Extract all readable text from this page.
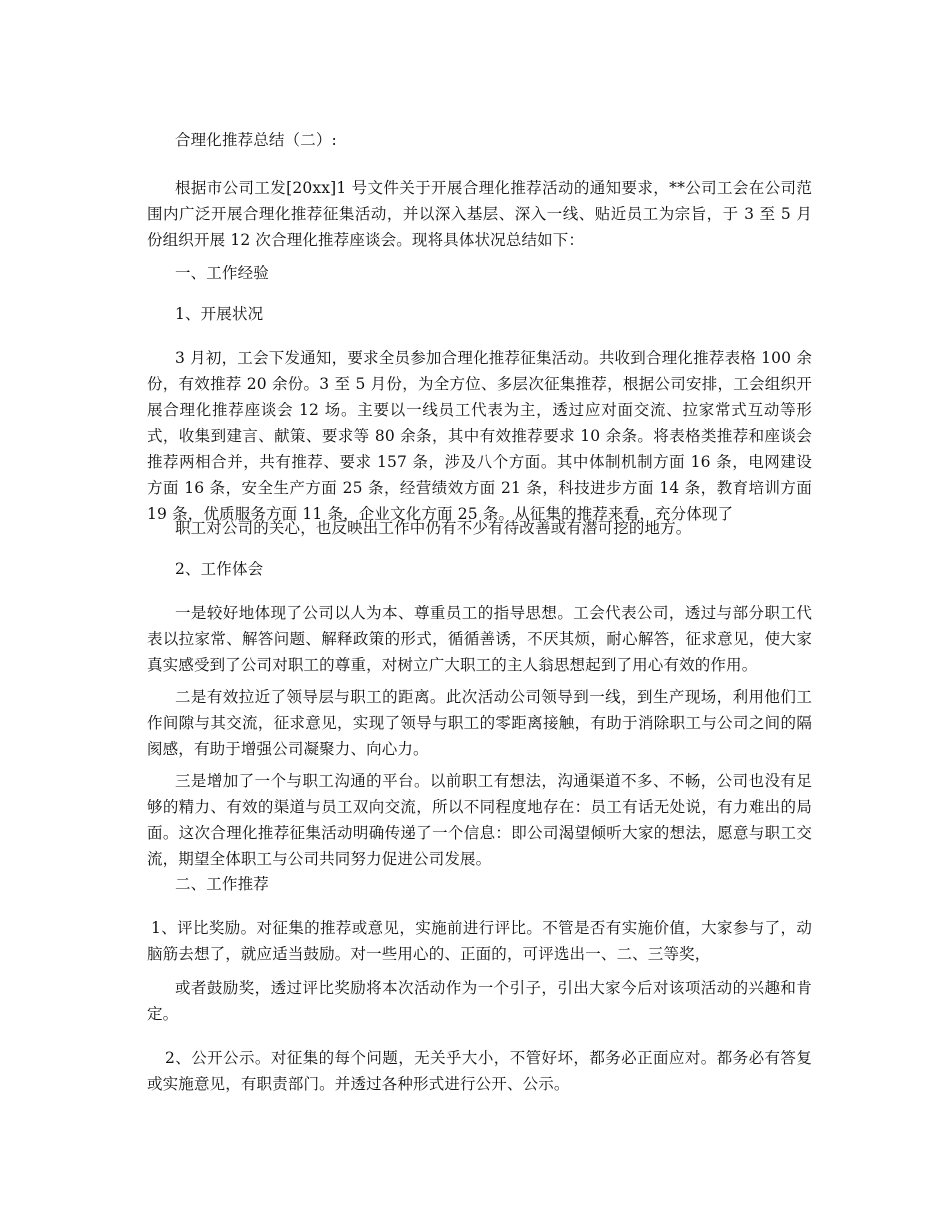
合理化推荐总结（二）:

根据市公司工发[20xx]1 号文件关于开展合理化推荐活动的通知要求，**公司工会在公司范围内广泛开展合理化推荐征集活动，并以深入基层、深入一线、贴近员工为宗旨，于 3 至 5 月份组织开展 12 次合理化推荐座谈会。现将具体状况总结如下：

一、工作经验

1、开展状况

3 月初，工会下发通知，要求全员参加合理化推荐征集活动。共收到合理化推荐表格 100 余份，有效推荐 20 余份。3 至 5 月份，为全方位、多层次征集推荐，根据公司安排，工会组织开展合理化推荐座谈会 12 场。主要以一线员工代表为主，透过应对面交流、拉家常式互动等形式，收集到建言、献策、要求等 80 余条，其中有效推荐要求 10 余条。将表格类推荐和座谈会推荐两相合并，共有推荐、要求 157 条，涉及八个方面。其中体制机制方面 16 条，电网建设方面 16 条，安全生产方面 25 条，经营绩效方面 21 条，科技进步方面 14 条，教育培训方面 19 条，优质服务方面 11 条，企业文化方面 25 条。从征集的推荐来看，充分体现了

职工对公司的关心，也反映出工作中仍有不少有待改善或有潜可挖的地方。

2、工作体会

一是较好地体现了公司以人为本、尊重员工的指导思想。工会代表公司，透过与部分职工代表以拉家常、解答问题、解释政策的形式，循循善诱，不厌其烦，耐心解答，征求意见，使大家真实感受到了公司对职工的尊重，对树立广大职工的主人翁思想起到了用心有效的作用。

二是有效拉近了领导层与职工的距离。此次活动公司领导到一线，到生产现场，利用他们工作间隙与其交流，征求意见，实现了领导与职工的零距离接触，有助于消除职工与公司之间的隔阂感，有助于增强公司凝聚力、向心力。

三是增加了一个与职工沟通的平台。以前职工有想法，沟通渠道不多、不畅，公司也没有足够的精力、有效的渠道与员工双向交流，所以不同程度地存在：员工有话无处说，有力难出的局面。这次合理化推荐征集活动明确传递了一个信息：即公司渴望倾听大家的想法，愿意与职工交流，期望全体职工与公司共同努力促进公司发展。

二、工作推荐

1、评比奖励。对征集的推荐或意见，实施前进行评比。不管是否有实施价值，大家参与了，动脑筋去想了，就应适当鼓励。对一些用心的、正面的，可评选出一、二、三等奖，

或者鼓励奖，透过评比奖励将本次活动作为一个引子，引出大家今后对该项活动的兴趣和肯定。

2、公开公示。对征集的每个问题，无关乎大小，不管好坏，都务必正面应对。都务必有答复或实施意见，有职责部门。并透过各种形式进行公开、公示。
